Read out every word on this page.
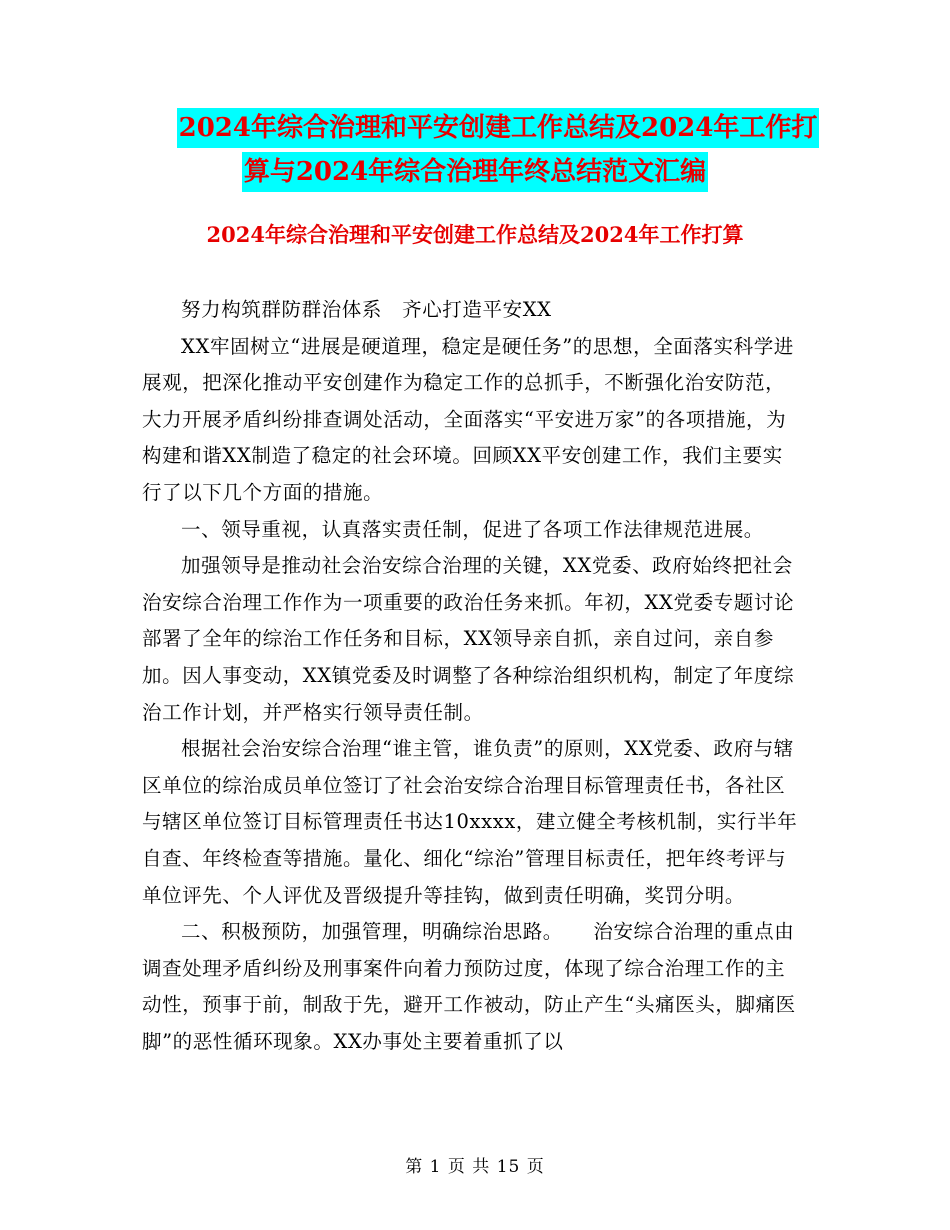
2024年综合治理和平安创建工作总结及2024年工作打
算与2024年综合治理年终总结范文汇编
2024年综合治理和平安创建工作总结及2024年工作打算

努力构筑群防群治体系　齐心打造平安XX

XX牢固树立“进展是硬道理，稳定是硬任务”的思想，全面落实科学进展观，把深化推动平安创建作为稳定工作的总抓手，不断强化治安防范，大力开展矛盾纠纷排查调处活动，全面落实“平安进万家”的各项措施，为构建和谐XX制造了稳定的社会环境。回顾XX平安创建工作，我们主要实行了以下几个方面的措施。

一、领导重视，认真落实责任制，促进了各项工作法律规范进展。

加强领导是推动社会治安综合治理的关键，XX党委、政府始终把社会治安综合治理工作作为一项重要的政治任务来抓。年初，XX党委专题讨论部署了全年的综治工作任务和目标，XX领导亲自抓，亲自过问，亲自参加。因人事变动，XX镇党委及时调整了各种综治组织机构，制定了年度综治工作计划，并严格实行领导责任制。

根据社会治安综合治理“谁主管，谁负责”的原则，XX党委、政府与辖区单位的综治成员单位签订了社会治安综合治理目标管理责任书，各社区与辖区单位签订目标管理责任书达10xxxx，建立健全考核机制，实行半年自查、年终检查等措施。量化、细化“综治”管理目标责任，把年终考评与单位评先、个人评优及晋级提升等挂钩，做到责任明确，奖罚分明。

二、积极预防，加强管理，明确综治思路。　　治安综合治理的重点由调查处理矛盾纠纷及刑事案件向着力预防过度，体现了综合治理工作的主动性，预事于前，制敌于先，避开工作被动，防止产生“头痛医头，脚痛医脚”的恶性循环现象。XX办事处主要着重抓了以

第 1 页 共 15 页
